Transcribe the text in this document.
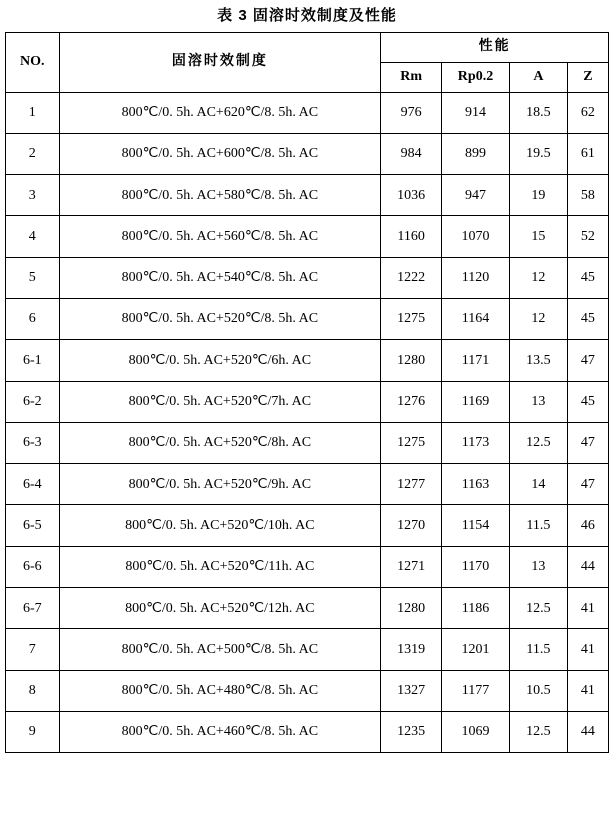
表 3 固溶时效制度及性能
NO.	固溶时效制度	性能			
		Rm	Rp0.2	A	Z
1	800℃/0. 5h. AC+620℃/8. 5h. AC	976	914	18.5	62
2	800℃/0. 5h. AC+600℃/8. 5h. AC	984	899	19.5	61
3	800℃/0. 5h. AC+580℃/8. 5h. AC	1036	947	19	58
4	800℃/0. 5h. AC+560℃/8. 5h. AC	1160	1070	15	52
5	800℃/0. 5h. AC+540℃/8. 5h. AC	1222	1120	12	45
6	800℃/0. 5h. AC+520℃/8. 5h. AC	1275	1164	12	45
6-1	800℃/0. 5h. AC+520℃/6h. AC	1280	1171	13.5	47
6-2	800℃/0. 5h. AC+520℃/7h. AC	1276	1169	13	45
6-3	800℃/0. 5h. AC+520℃/8h. AC	1275	1173	12.5	47
6-4	800℃/0. 5h. AC+520℃/9h. AC	1277	1163	14	47
6-5	800℃/0. 5h. AC+520℃/10h. AC	1270	1154	11.5	46
6-6	800℃/0. 5h. AC+520℃/11h. AC	1271	1170	13	44
6-7	800℃/0. 5h. AC+520℃/12h. AC	1280	1186	12.5	41
7	800℃/0. 5h. AC+500℃/8. 5h. AC	1319	1201	11.5	41
8	800℃/0. 5h. AC+480℃/8. 5h. AC	1327	1177	10.5	41
9	800℃/0. 5h. AC+460℃/8. 5h. AC	1235	1069	12.5	44
